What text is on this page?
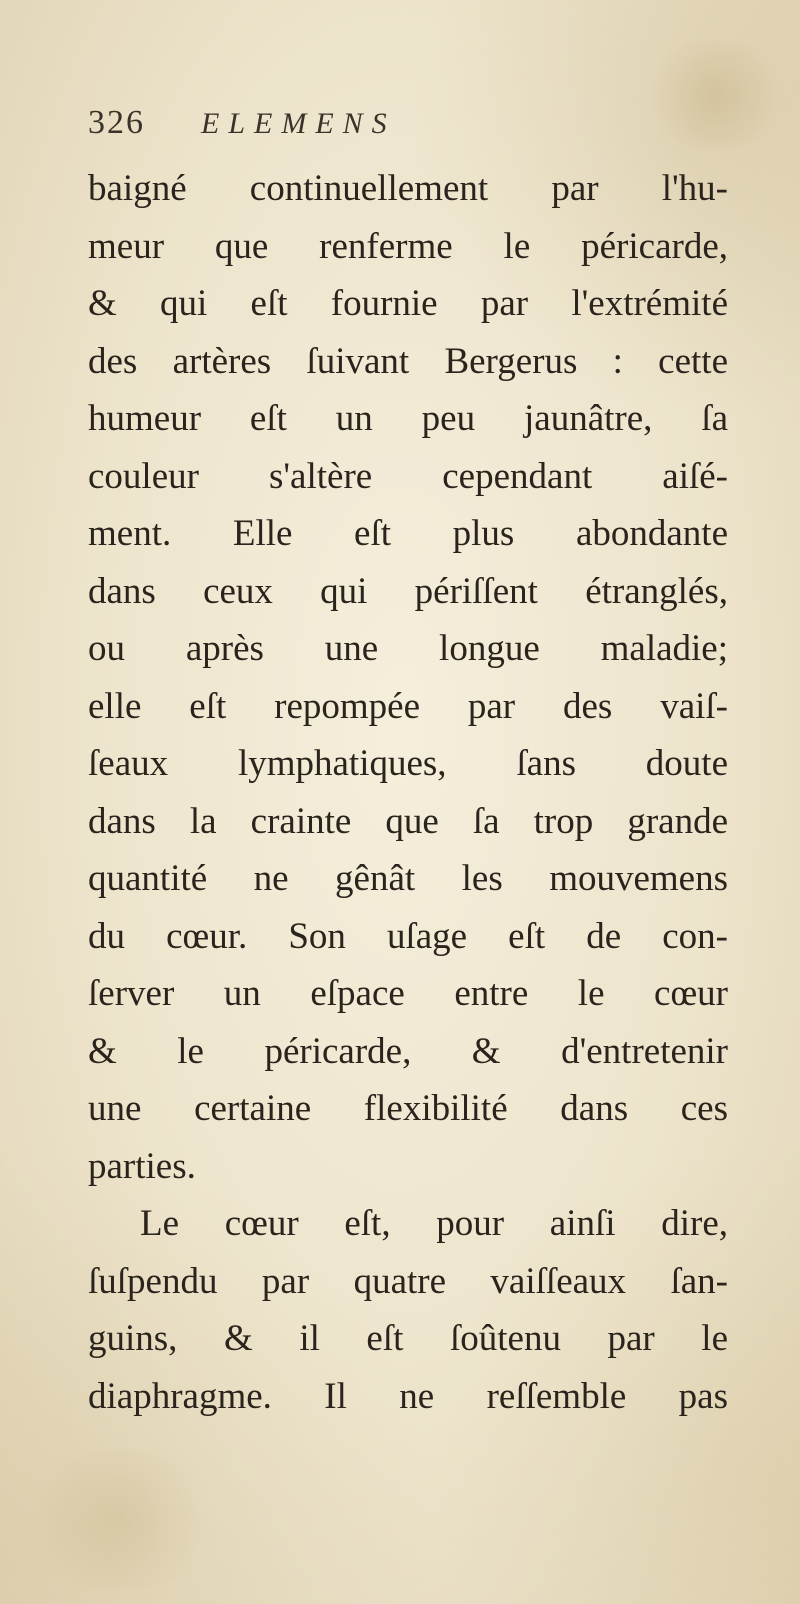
326 ELEMENS
baigné continuellement par l'hu-
meur que renferme le péricarde,
& qui eſt fournie par l'extrémité
des artères ſuivant Bergerus : cette
humeur eſt un peu jaunâtre, ſa
couleur s'altère cependant aiſé-
ment. Elle eſt plus abondante
dans ceux qui périſſent étranglés,
ou après une longue maladie;
elle eſt repompée par des vaiſ-
ſeaux lymphatiques, ſans doute
dans la crainte que ſa trop grande
quantité ne gênât les mouvemens
du cœur. Son uſage eſt de con-
ſerver un eſpace entre le cœur
& le péricarde, & d'entretenir
une certaine flexibilité dans ces
parties.
Le cœur eſt, pour ainſi dire,
ſuſpendu par quatre vaiſſeaux ſan-
guins, & il eſt ſoûtenu par le
diaphragme. Il ne reſſemble pas
